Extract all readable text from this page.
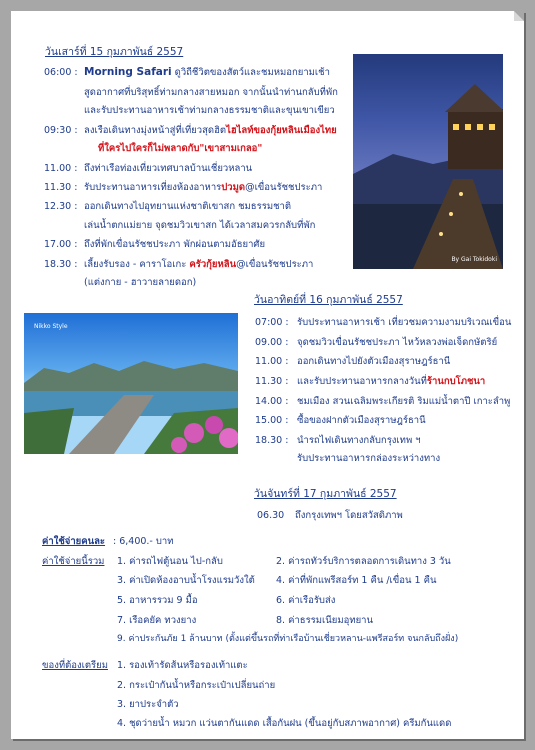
วันเสาร์ที่ 15 กุมภาพันธ์ 2557
06:00 : Morning Safari ดูวิถีชีวิตของสัตว์และชมหมอกยามเช้า
สูดอากาศที่บริสุทธิ์ท่ามกลางสายหมอก จากนั้นนำท่านกลับที่พัก
และรับประทานอาหารเช้าท่ามกลางธรรมชาติและขุนเขาเขียว
09:30 : ลงเรือเดินทางมุ่งหน้าสู่ที่เที่ยวสุดฮิตไฮไลท์ของกุ้ยหลินเมืองไทย
ที่ใครไปใครก็ไม่พลาดกับ"เขาสามเกลอ"
11.00 : ถึงท่าเรือท่องเที่ยวเทศบาลบ้านเชี่ยวหลาน
11.30 : รับประทานอาหารเที่ยงห้องอาหารปวมูด@เขื่อนรัชชประภา
12.30 : ออกเดินทางไปอุทยานแห่งชาติเขาสก ชมธรรมชาติ
เล่นน้ำตกแม่ยาย จุดชมวิวเขาสก ได้เวลาสมควรกลับที่พัก
17.00 : ถึงที่พักเขื่อนรัชชประภา พักผ่อนตามอัธยาศัย
18.30 : เลี้ยงรับรอง - คาราโอเกะ ครัวกุ้ยหลิน@เขื่อนรัชชประภา
(แต่งกาย - ฮาวายลายดอก)
By Gai Tokidoki
วันอาทิตย์ที่ 16 กุมภาพันธ์ 2557
07:00 : รับประทานอาหารเช้า เที่ยวชมความงามบริเวณเขื่อน
09.00 : จุดชมวิวเขื่อนรัชชประภา ไหว้หลวงพ่อเจ็ดกษัตริย์
11.00 : ออกเดินทางไปยังตัวเมืองสุราษฎร์ธานี
11.30 : และรับประทานอาหารกลางวันที่ร้านกบโภชนา
14.00 : ชมเมือง สวนเฉลิมพระเกียรติ ริมแม่น้ำตาปี เกาะลำพู
15.00 : ซื้อของฝากตัวเมืองสุราษฎร์ธานี
18.30 : นำรถไฟเดินทางกลับกรุงเทพ ฯ
รับประทานอาหารกล่องระหว่างทาง
Nikko Style
วันจันทร์ที่ 17 กุมภาพันธ์ 2557
06.30 ถึงกรุงเทพฯ โดยสวัสดิภาพ
ค่าใช้จ่ายคนละ : 6,400.- บาท
ค่าใช้จ่ายนี้รวม 1. ค่ารถไฟตู้นอน ไป-กลับ	2. ค่ารถทัวร์บริการตลอดการเดินทาง 3 วัน
3. ค่าเปิดห้องอาบน้ำโรงแรมวังใต้ 4. ค่าที่พักแพรีสอร์ท 1 คืน /เขื่อน 1 คืน
5. อาหารรวม 9 มื้อ	6. ค่าเรือรับส่ง
7. เรือคยัค ทวงยาง	8. ค่าธรรมเนียมอุทยาน
9. ค่าประกันภัย 1 ล้านบาท (ตั้งแต่ขึ้นรถที่ท่าเรือบ้านเชี่ยวหลาน-แพรีสอร์ท จนกลับถึงฝั่ง)
ของที่ต้องเตรียม 1. รองเท้ารัดส้นหรือรองเท้าแตะ
2. กระเป๋ากันน้ำหรือกระเป๋าเปลี่ยนถ่าย
3. ยาประจำตัว
4. ชุดว่ายน้ำ หมวก แว่นตากันแดด เสื้อกันฝน (ขึ้นอยู่กับสภาพอากาศ) ครีมกันแดด
